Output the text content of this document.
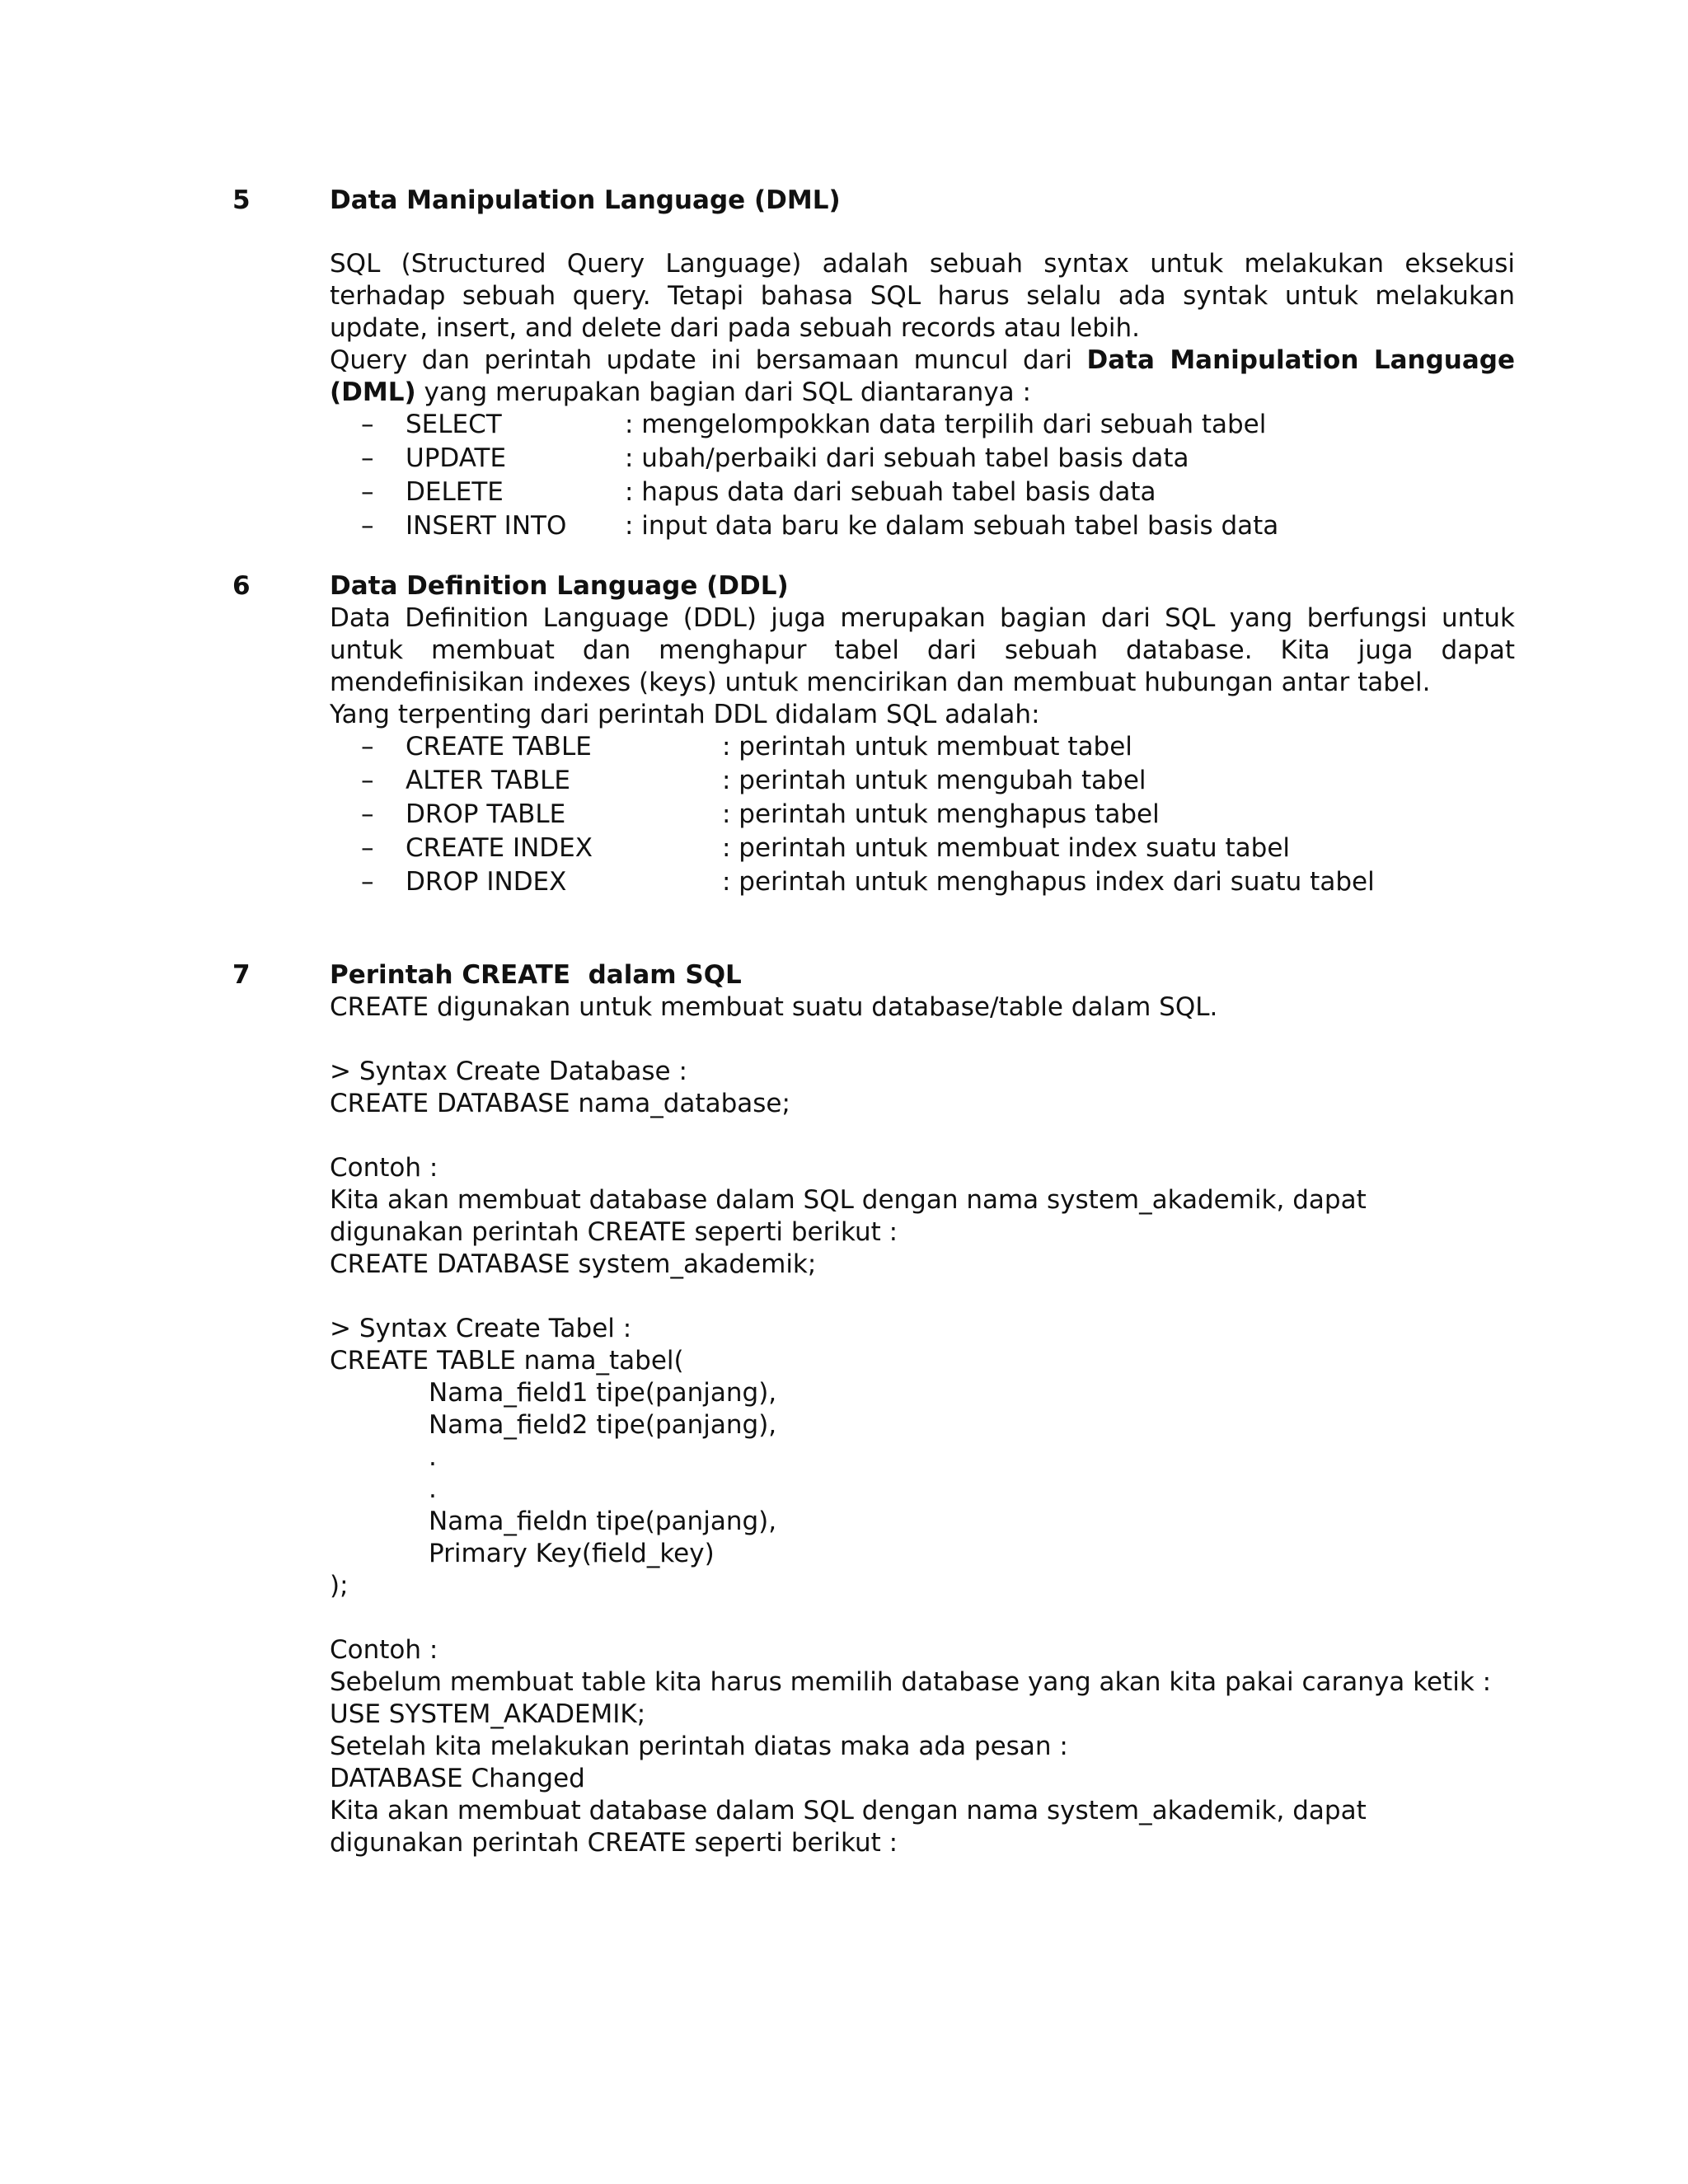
5	Data Manipulation Language (DML)

SQL (Structured Query Language) adalah sebuah syntax untuk melakukan eksekusi terhadap sebuah query. Tetapi bahasa SQL harus selalu ada syntak untuk melakukan update, insert, and delete dari pada sebuah records atau lebih.

Query dan perintah update ini bersamaan muncul dari Data Manipulation Language (DML) yang merupakan bagian dari SQL diantaranya :

– SELECT	: mengelompokkan data terpilih dari sebuah tabel
– UPDATE	: ubah/perbaiki dari sebuah tabel basis data
– DELETE	: hapus data dari sebuah tabel basis data
– INSERT INTO : input data baru ke dalam sebuah tabel basis data
6	Data Definition Language (DDL)

Data Definition Language (DDL) juga merupakan bagian dari SQL yang berfungsi untuk untuk membuat dan menghapur tabel dari sebuah database. Kita juga dapat mendefinisikan indexes (keys) untuk mencirikan dan membuat hubungan antar tabel.

Yang terpenting dari perintah DDL didalam SQL adalah:

– CREATE TABLE	: perintah untuk membuat tabel
– ALTER TABLE	: perintah untuk mengubah tabel
– DROP TABLE	: perintah untuk menghapus tabel
– CREATE INDEX	: perintah untuk membuat index suatu tabel
– DROP INDEX	: perintah untuk menghapus index dari suatu tabel
7	Perintah CREATE  dalam SQL

CREATE digunakan untuk membuat suatu database/table dalam SQL.

> Syntax Create Database :

CREATE DATABASE nama_database;

Contoh :

Kita akan membuat database dalam SQL dengan nama system_akademik, dapat digunakan perintah CREATE seperti berikut :

CREATE DATABASE system_akademik;

> Syntax Create Tabel :

CREATE TABLE nama_tabel(

Nama_field1 tipe(panjang),

Nama_field2 tipe(panjang),

.

.

Nama_fieldn tipe(panjang),

Primary Key(field_key)

);

Contoh :

Sebelum membuat table kita harus memilih database yang akan kita pakai caranya ketik :

USE SYSTEM_AKADEMIK;

Setelah kita melakukan perintah diatas maka ada pesan :

DATABASE Changed

Kita akan membuat database dalam SQL dengan nama system_akademik, dapat digunakan perintah CREATE seperti berikut :
